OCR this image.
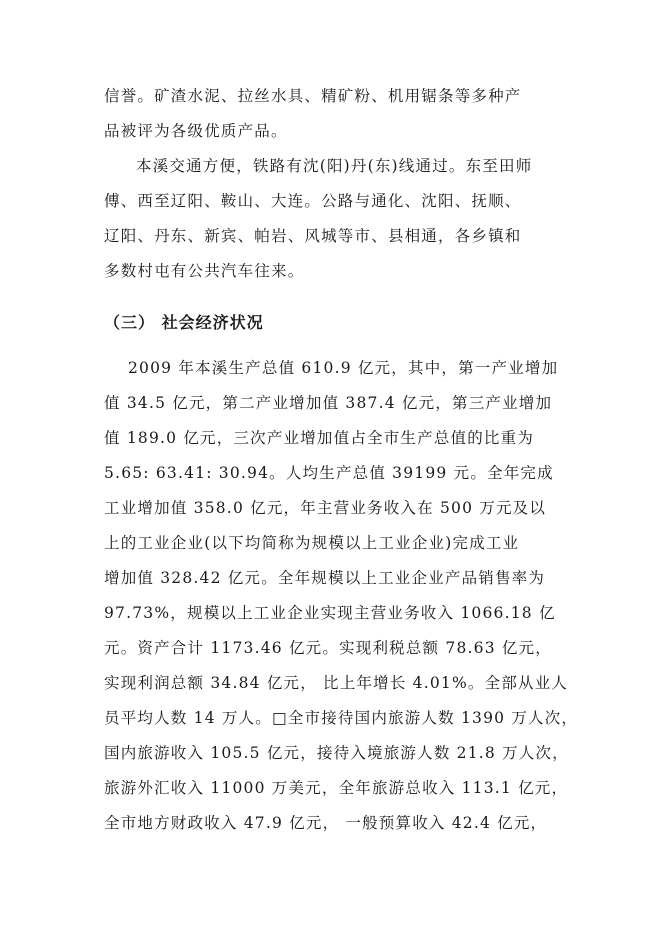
信誉。矿渣水泥、拉丝水具、精矿粉、机用锯条等多种产
品被评为各级优质产品。
本溪交通方便，铁路有沈(阳)丹(东)线通过。东至田师
傅、西至辽阳、鞍山、大连。公路与通化、沈阳、抚顺、
辽阳、丹东、新宾、帕岩、风城等市、县相通，各乡镇和
多数村屯有公共汽车往来。
（三） 社会经济状况
2009 年本溪生产总值 610.9 亿元，其中，第一产业增加
值 34.5 亿元，第二产业增加值 387.4 亿元，第三产业增加
值 189.0 亿元，三次产业增加值占全市生产总值的比重为
5.65: 63.41: 30.94。人均生产总值 39199 元。全年完成
工业增加值 358.0 亿元，年主营业务收入在 500 万元及以
上的工业企业(以下均简称为规模以上工业企业)完成工业
增加值 328.42 亿元。全年规模以上工业企业产品销售率为
97.73%，规模以上工业企业实现主营业务收入 1066.18 亿
元。资产合计 1173.46 亿元。实现利税总额 78.63 亿元，
实现利润总额 34.84 亿元， 比上年增长 4.01%。全部从业人
员平均人数 14 万人。□全市接待国内旅游人数 1390 万人次，
国内旅游收入 105.5 亿元，接待入境旅游人数 21.8 万人次，
旅游外汇收入 11000 万美元，全年旅游总收入 113.1 亿元，
全市地方财政收入 47.9 亿元， 一般预算收入 42.4 亿元，
